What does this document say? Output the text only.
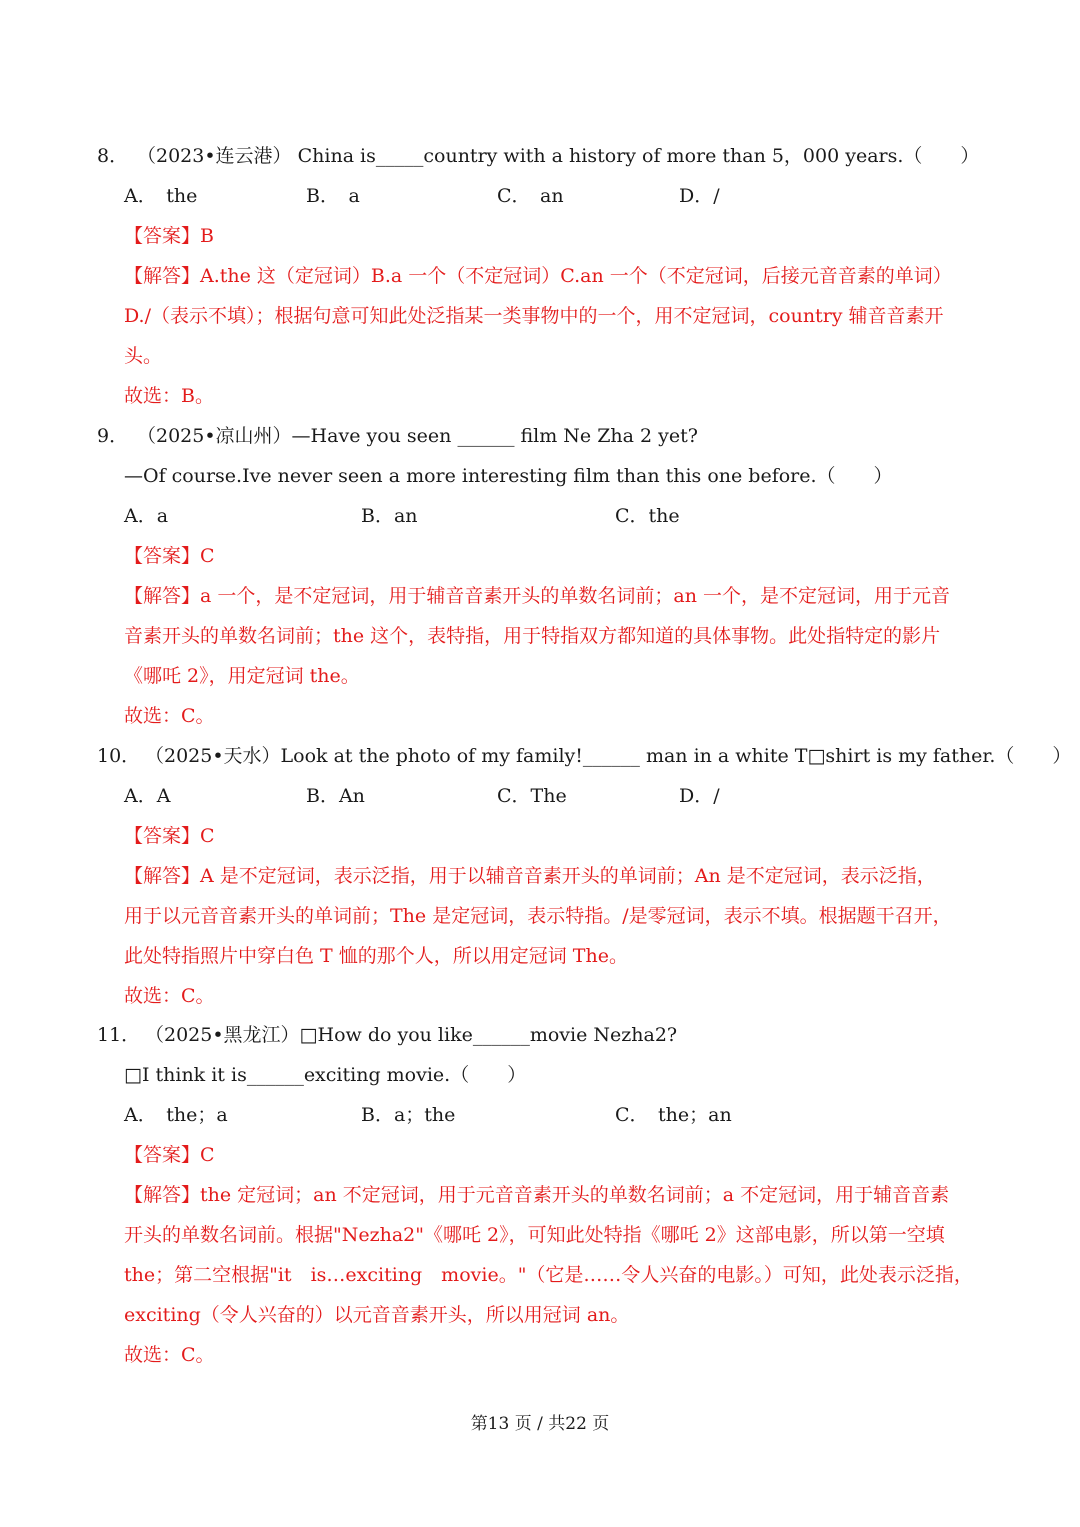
8． （2023•连云港） China is_____country with a history of more than 5，000 years.（　　）
A．　the	B．　a	C．　an	D．/
【答案】B
【解答】A.the 这（定冠词）B.a 一个（不定冠词）C.an 一个（不定冠词，后接元音音素的单词）
D./（表示不填）；根据句意可知此处泛指某一类事物中的一个，用不定冠词，country 辅音音素开
头。
故选：B。
9． （2025•凉山州）—Have you seen ______ film Ne Zha 2 yet?
—Of course.Ive never seen a more interesting film than this one before.（　　）
A．a	B．an	C．the
【答案】C
【解答】a 一个，是不定冠词，用于辅音音素开头的单数名词前；an 一个，是不定冠词，用于元音
音素开头的单数名词前；the 这个，表特指，用于特指双方都知道的具体事物。此处指特定的影片
《哪吒 2》，用定冠词 the。
故选：C。
10． （2025•天水）Look at the photo of my family!______ man in a white T□shirt is my father.（　　）
A．A	B．An	C．The	D．/
【答案】C
【解答】A 是不定冠词，表示泛指，用于以辅音音素开头的单词前；An 是不定冠词，表示泛指，
用于以元音音素开头的单词前；The 是定冠词，表示特指。/是零冠词，表示不填。根据题干召开，
此处特指照片中穿白色 T 恤的那个人，所以用定冠词 The。
故选：C。
11． （2025•黑龙江）□How do you like______movie Nezha2?
□I think it is______exciting movie.（　　）
A．　the；a	B．a；the	C．　the；an
【答案】C
【解答】the 定冠词；an 不定冠词，用于元音音素开头的单数名词前；a 不定冠词，用于辅音音素
开头的单数名词前。根据"Nezha2"《哪吒 2》，可知此处特指《哪吒 2》这部电影，所以第一空填
the；第二空根据"it　is…exciting　movie。"（它是……令人兴奋的电影。）可知，此处表示泛指，
exciting（令人兴奋的）以元音音素开头，所以用冠词 an。
故选：C。
第13 页 / 共22 页
